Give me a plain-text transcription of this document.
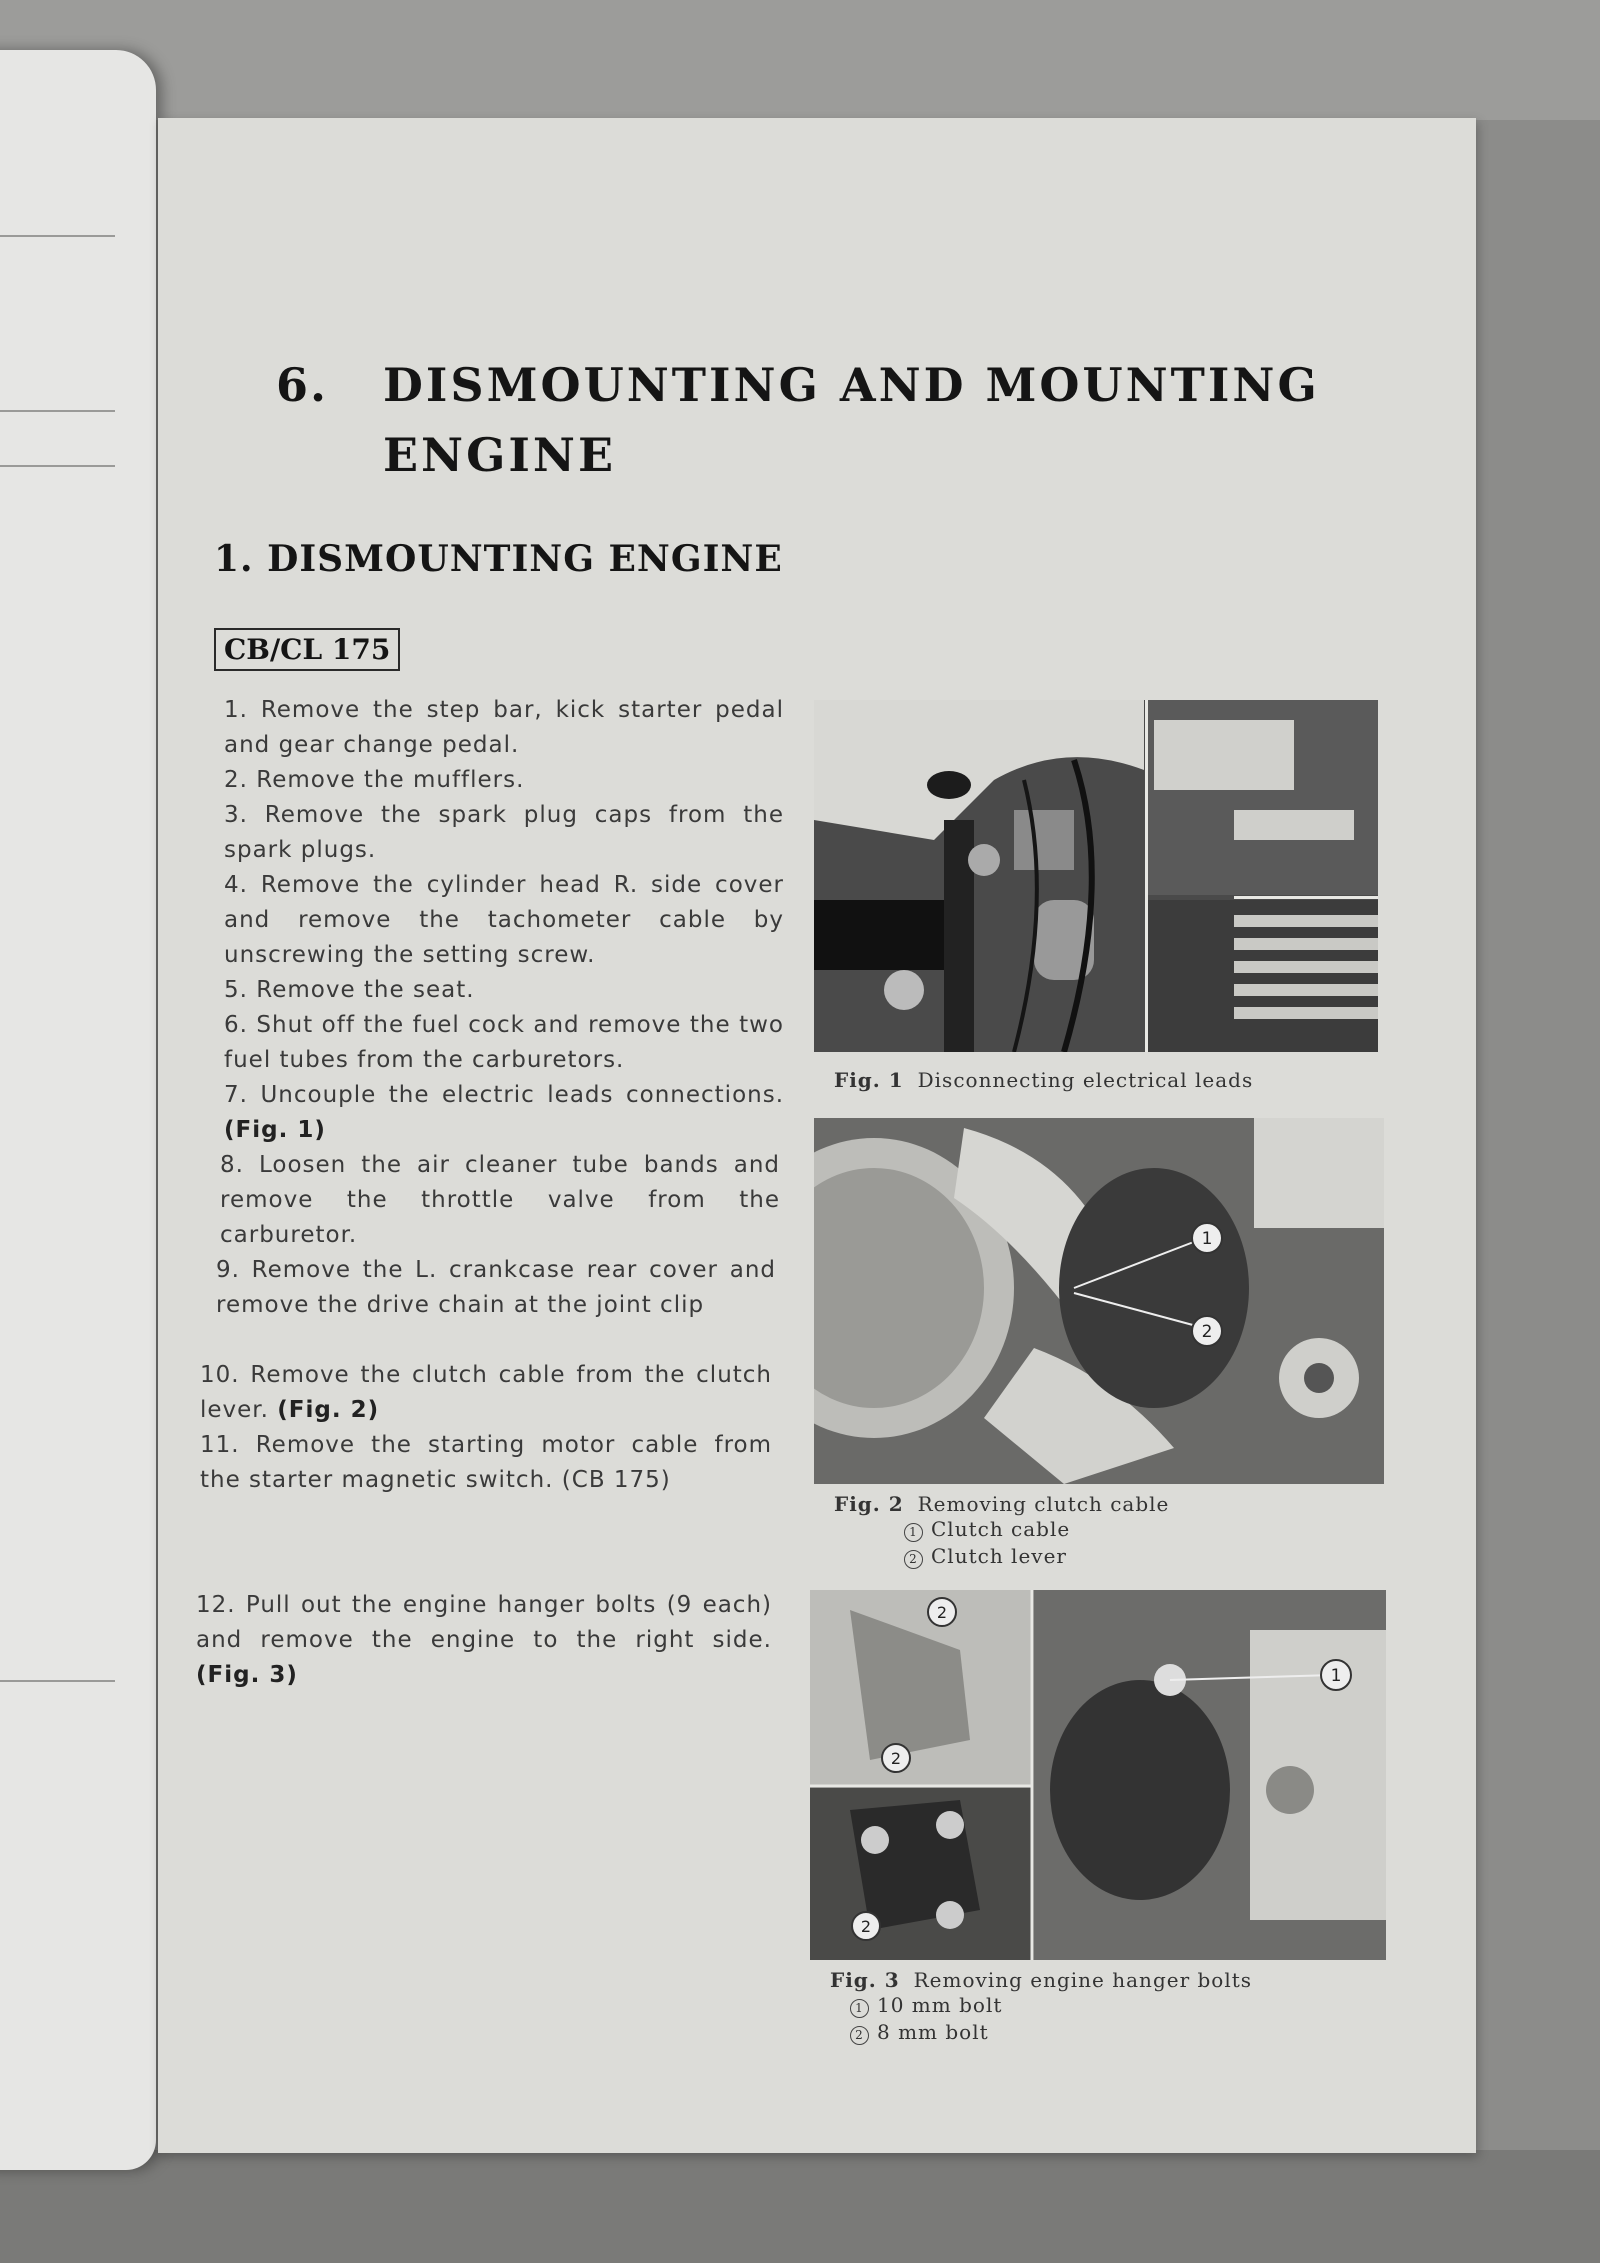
6. DISMOUNTING AND MOUNTING
ENGINE
1. DISMOUNTING ENGINE
CB/CL 175

1. Remove the step bar, kick starter pedal and gear change pedal.

2. Remove the mufflers.

3. Remove the spark plug caps from the spark plugs.

4. Remove the cylinder head R. side cover and remove the tachometer cable by unscrewing the setting screw.

5. Remove the seat.

6. Shut off the fuel cock and remove the two fuel tubes from the carburetors.

7. Uncouple the electric leads connections. (Fig. 1)

8. Loosen the air cleaner tube bands and remove the throttle valve from the carburetor.

9. Remove the L. crankcase rear cover and remove the drive chain at the joint clip

10. Remove the clutch cable from the clutch lever. (Fig. 2)

11. Remove the starting motor cable from the starter magnetic switch. (CB 175)

12. Pull out the engine hanger bolts (9 each) and remove the engine to the right side. (Fig. 3)

Fig. 1 Disconnecting electrical leads
1
2
Fig. 2 Removing clutch cable
1 Clutch cable
2 Clutch lever
1
2
2
2
Fig. 3 Removing engine hanger bolts
1 10 mm bolt
2 8 mm bolt
